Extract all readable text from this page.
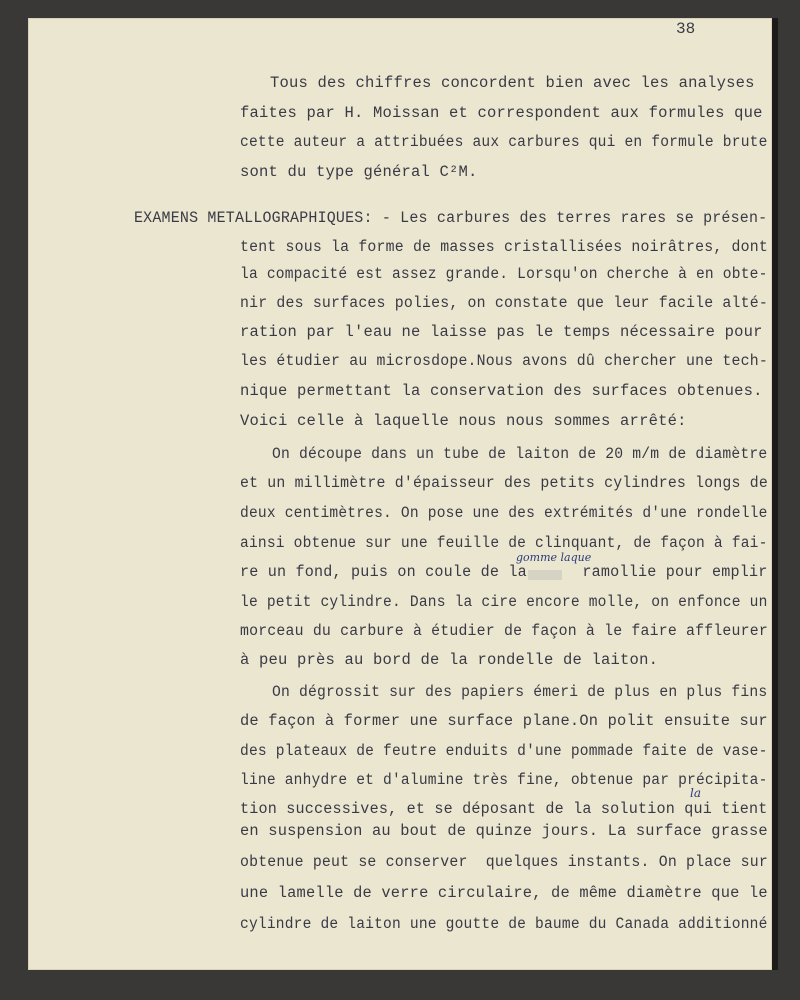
38
Tous des chiffres concordent bien avec les analyses
faites par H. Moissan et correspondent aux formules que
cette auteur a attribuées aux carbures qui en formule brute
sont du type général C²M.
EXAMENS METALLOGRAPHIQUES: - Les carbures des terres rares se présen-
tent sous la forme de masses cristallisées noirâtres, dont
la compacité est assez grande. Lorsqu'on cherche à en obte-
nir des surfaces polies, on constate que leur facile alté-
ration par l'eau ne laisse pas le temps nécessaire pour
les étudier au microsdope.Nous avons dû chercher une tech-
nique permettant la conservation des surfaces obtenues.
Voici celle à laquelle nous nous sommes arrêté:
On découpe dans un tube de laiton de 20 m/m de diamètre
et un millimètre d'épaisseur des petits cylindres longs de
deux centimètres. On pose une des extrémités d'une rondelle
ainsi obtenue sur une feuille de clinquant, de façon à fai-
gomme laque
re un fond, puis on coule de la      ramollie pour emplir
le petit cylindre. Dans la cire encore molle, on enfonce un
morceau du carbure à étudier de façon à le faire affleurer
à peu près au bord de la rondelle de laiton.
On dégrossit sur des papiers émeri de plus en plus fins
de façon à former une surface plane.On polit ensuite sur
des plateaux de feutre enduits d'une pommade faite de vase-
line anhydre et d'alumine très fine, obtenue par précipita-
la
tion successives, et se déposant de la solution qui tient
en suspension au bout de quinze jours. La surface grasse
obtenue peut se conserver  quelques instants. On place sur
une lamelle de verre circulaire, de même diamètre que le
cylindre de laiton une goutte de baume du Canada additionné
